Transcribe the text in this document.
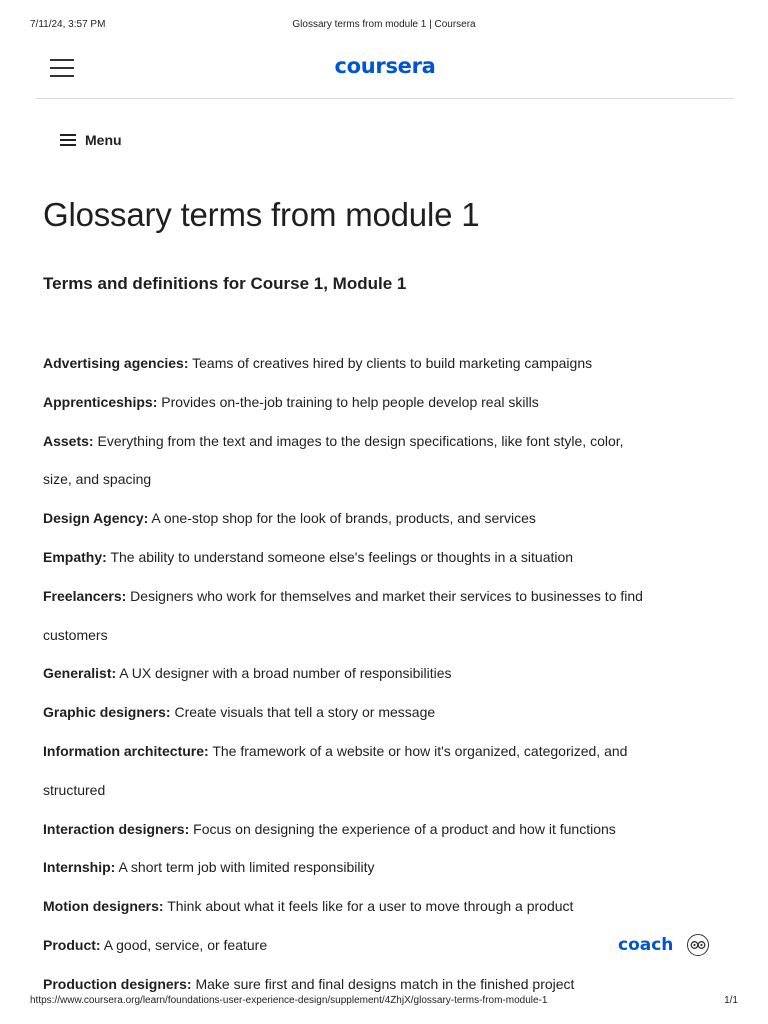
7/11/24, 3:57 PM	Glossary terms from module 1 | Coursera
coursera
Menu
Glossary terms from module 1
Terms and definitions for Course 1, Module 1
Advertising agencies: Teams of creatives hired by clients to build marketing campaigns
Apprenticeships: Provides on-the-job training to help people develop real skills
Assets: Everything from the text and images to the design specifications, like font style, color, size, and spacing
Design Agency: A one-stop shop for the look of brands, products, and services
Empathy: The ability to understand someone else's feelings or thoughts in a situation
Freelancers: Designers who work for themselves and market their services to businesses to find customers
Generalist: A UX designer with a broad number of responsibilities
Graphic designers: Create visuals that tell a story or message
Information architecture: The framework of a website or how it's organized, categorized, and structured
Interaction designers: Focus on designing the experience of a product and how it functions
Internship: A short term job with limited responsibility
Motion designers: Think about what it feels like for a user to move through a product
Product: A good, service, or feature
Production designers: Make sure first and final designs match in the finished project
coach
https://www.coursera.org/learn/foundations-user-experience-design/supplement/4ZhjX/glossary-terms-from-module-1	1/1
